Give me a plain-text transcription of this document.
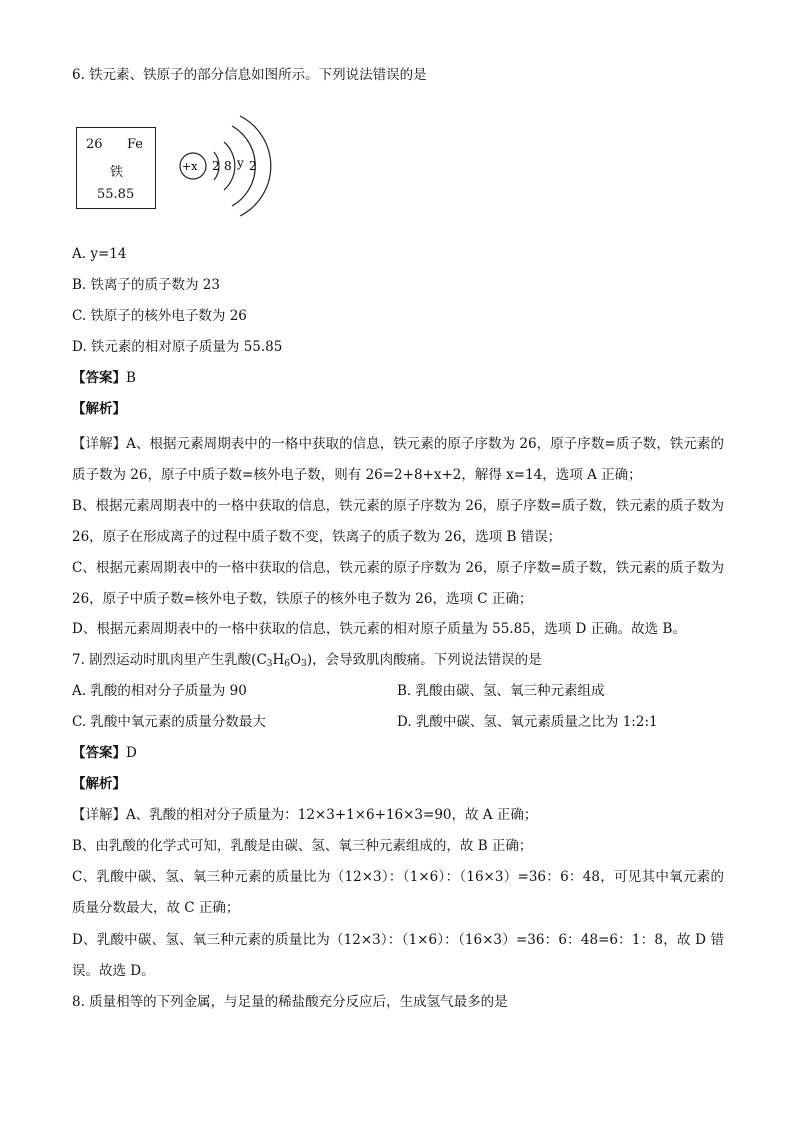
6. 铁元素、铁原子的部分信息如图所示。下列说法错误的是
26 Fe
铁
55.85
+x 2 8 y 2
A. y=14
B. 铁离子的质子数为 23
C. 铁原子的核外电子数为 26
D. 铁元素的相对原子质量为 55.85
【答案】B
【解析】
【详解】A、根据元素周期表中的一格中获取的信息，铁元素的原子序数为 26，原子序数=质子数，铁元素的质子数为 26，原子中质子数=核外电子数，则有 26=2+8+x+2，解得 x=14，选项 A 正确；
B、根据元素周期表中的一格中获取的信息，铁元素的原子序数为 26，原子序数=质子数，铁元素的质子数为 26，原子在形成离子的过程中质子数不变，铁离子的质子数为 26，选项 B 错误；
C、根据元素周期表中的一格中获取的信息，铁元素的原子序数为 26，原子序数=质子数，铁元素的质子数为 26，原子中质子数=核外电子数，铁原子的核外电子数为 26，选项 C 正确；
D、根据元素周期表中的一格中获取的信息，铁元素的相对原子质量为 55.85，选项 D 正确。故选 B。
7. 剧烈运动时肌肉里产生乳酸$(C_3H_6O_3)$，会导致肌肉酸痛。下列说法错误的是
A. 乳酸的相对分子质量为 90	B. 乳酸由碳、氢、氧三种元素组成
C. 乳酸中氧元素的质量分数最大	D. 乳酸中碳、氢、氧元素质量之比为 1:2:1
【答案】D
【解析】
【详解】A、乳酸的相对分子质量为：12×3+1×6+16×3=90，故 A 正确；
B、由乳酸的化学式可知，乳酸是由碳、氢、氧三种元素组成的，故 B 正确；
C、乳酸中碳、氢、氧三种元素的质量比为（12×3）：（1×6）：（16×3）=36：6：48，可见其中氧元素的质量分数最大，故 C 正确；
D、乳酸中碳、氢、氧三种元素的质量比为（12×3）：（1×6）：（16×3）=36：6：48=6：1：8，故 D 错误。故选 D。
8. 质量相等的下列金属，与足量的稀盐酸充分反应后，生成氢气最多的是
